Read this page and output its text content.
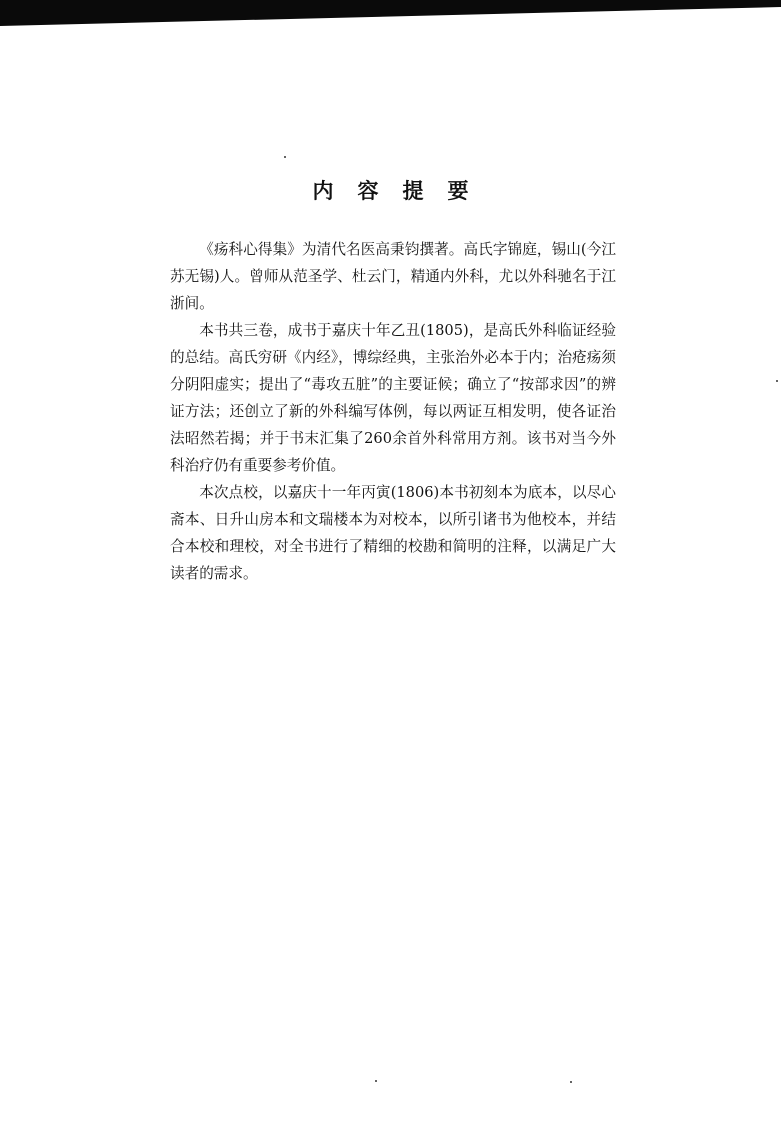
内容提要

《疡科心得集》为清代名医高秉钧撰著。高氏字锦庭，锡山(今江苏无锡)人。曾师从范圣学、杜云门，精通内外科，尤以外科驰名于江浙间。

本书共三卷，成书于嘉庆十年乙丑(1805)，是高氏外科临证经验的总结。高氏穷研《内经》，博综经典，主张治外必本于内；治疮疡须分阴阳虚实；提出了“毒攻五脏”的主要证候；确立了“按部求因”的辨证方法；还创立了新的外科编写体例，每以两证互相发明，使各证治法昭然若揭；并于书末汇集了260余首外科常用方剂。该书对当今外科治疗仍有重要参考价值。

本次点校，以嘉庆十一年丙寅(1806)本书初刻本为底本，以尽心斋本、日升山房本和文瑞楼本为对校本，以所引诸书为他校本，并结合本校和理校，对全书进行了精细的校勘和简明的注释，以满足广大读者的需求。
